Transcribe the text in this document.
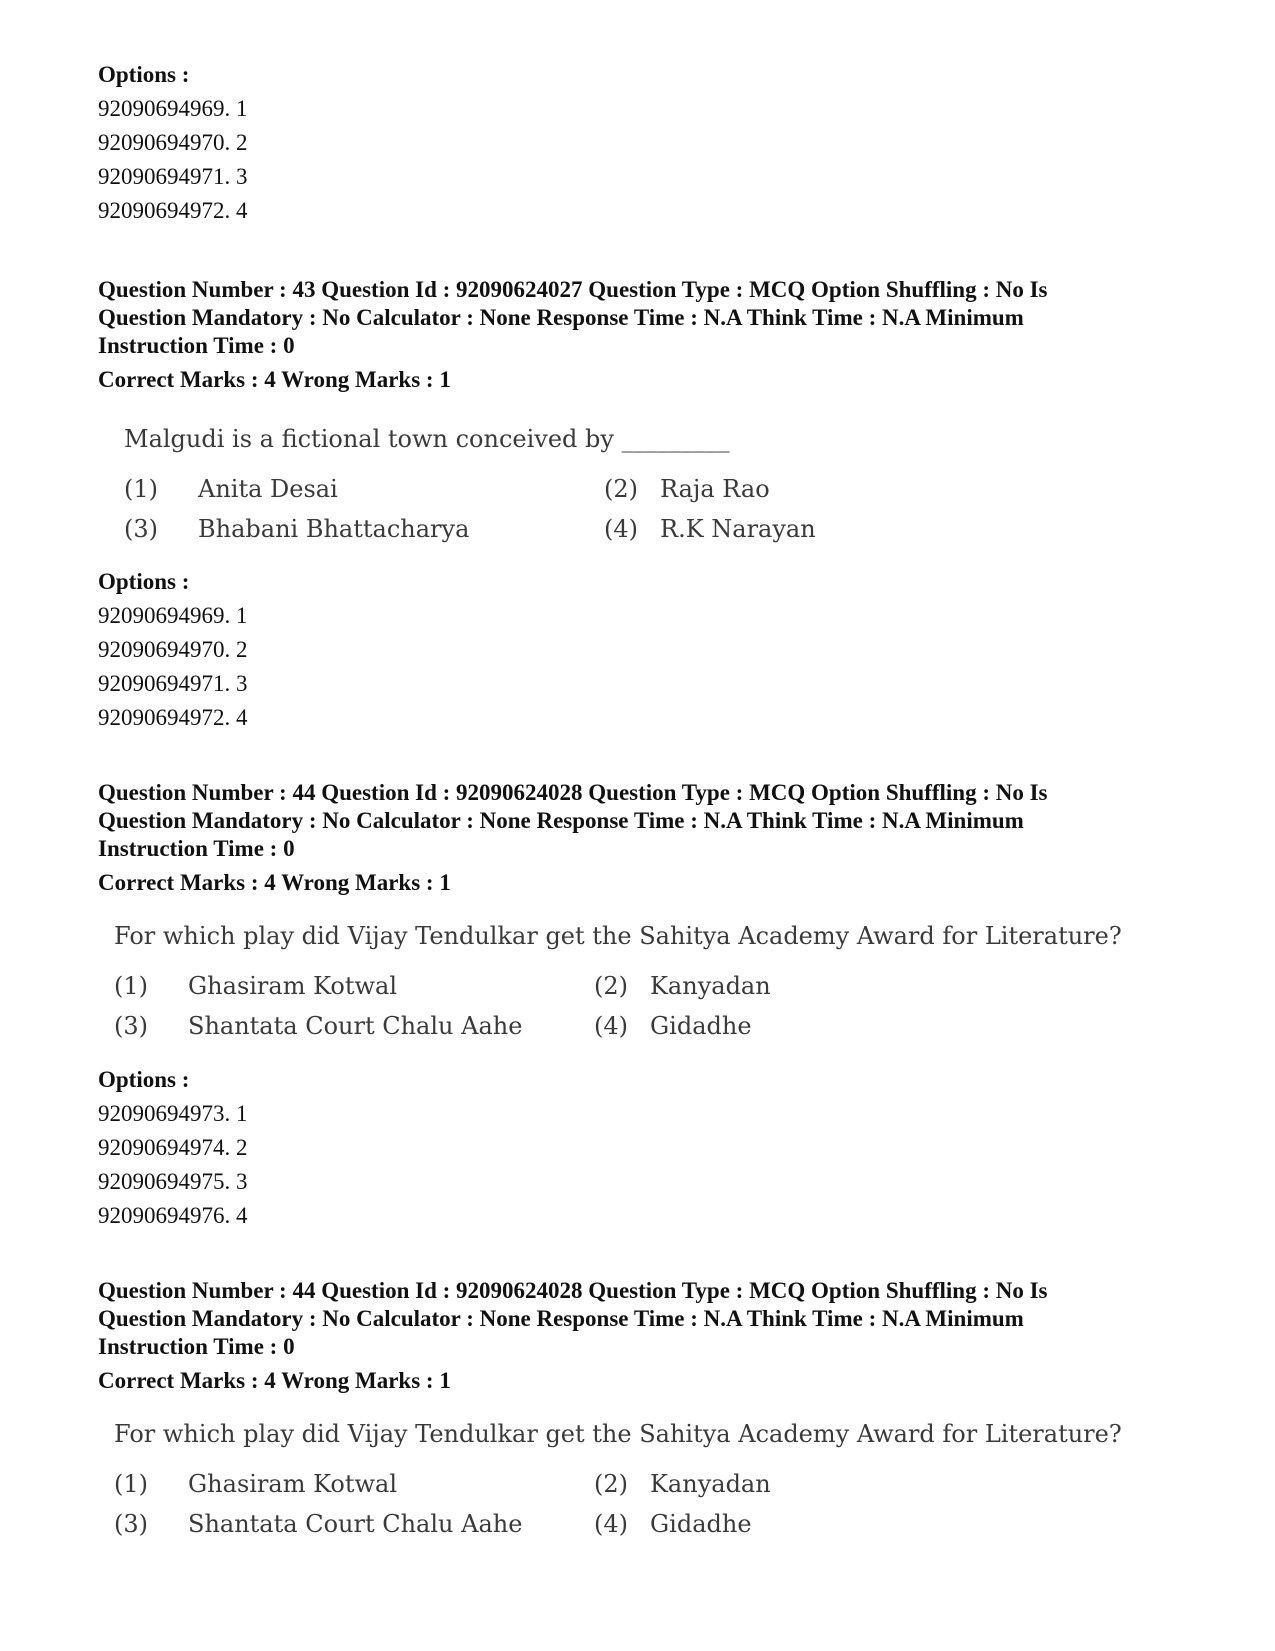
Options :
92090694969. 1
92090694970. 2
92090694971. 3
92090694972. 4
Question Number : 43 Question Id : 92090624027 Question Type : MCQ Option Shuffling : No Is
Question Mandatory : No Calculator : None Response Time : N.A Think Time : N.A Minimum
Instruction Time : 0
Correct Marks : 4 Wrong Marks : 1
Malgudi is a fictional town conceived by _________
(1) Anita Desai	(2) Raja Rao
(3) Bhabani Bhattacharya	(4) R.K Narayan
Options :
92090694969. 1
92090694970. 2
92090694971. 3
92090694972. 4
Question Number : 44 Question Id : 92090624028 Question Type : MCQ Option Shuffling : No Is
Question Mandatory : No Calculator : None Response Time : N.A Think Time : N.A Minimum
Instruction Time : 0
Correct Marks : 4 Wrong Marks : 1
For which play did Vijay Tendulkar get the Sahitya Academy Award for Literature?
(1) Ghasiram Kotwal	(2) Kanyadan
(3) Shantata Court Chalu Aahe	(4) Gidadhe
Options :
92090694973. 1
92090694974. 2
92090694975. 3
92090694976. 4
Question Number : 44 Question Id : 92090624028 Question Type : MCQ Option Shuffling : No Is
Question Mandatory : No Calculator : None Response Time : N.A Think Time : N.A Minimum
Instruction Time : 0
Correct Marks : 4 Wrong Marks : 1
For which play did Vijay Tendulkar get the Sahitya Academy Award for Literature?
(1) Ghasiram Kotwal	(2) Kanyadan
(3) Shantata Court Chalu Aahe	(4) Gidadhe
